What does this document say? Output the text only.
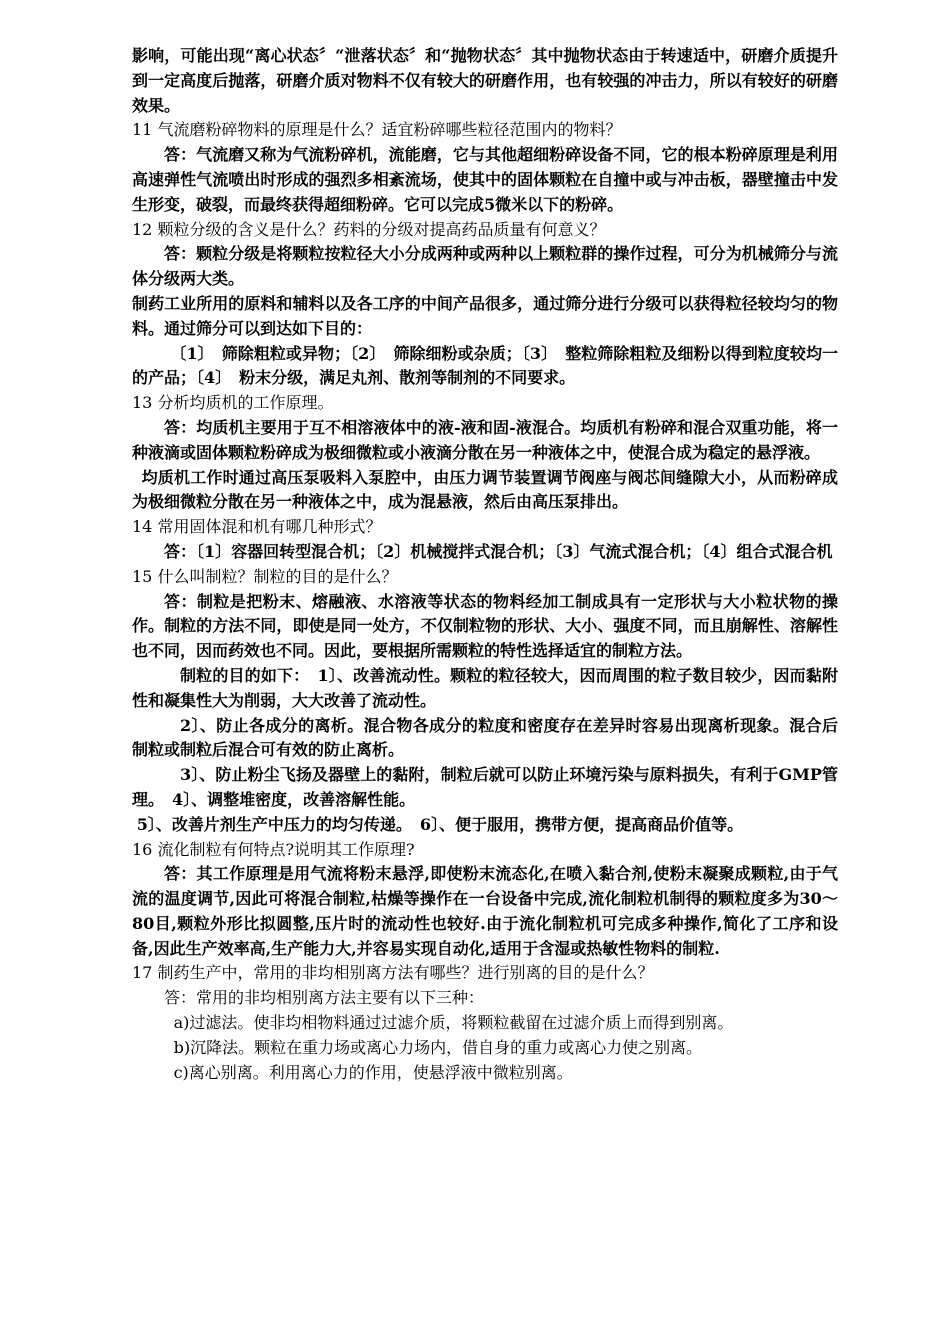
影响，可能出现“离心状态〞“泄落状态〞和“抛物状态〞其中抛物状态由于转速适中，研磨介质提升到一定高度后抛落，研磨介质对物料不仅有较大的研磨作用，也有较强的冲击力，所以有较好的研磨效果。

11 气流磨粉碎物料的原理是什么？适宜粉碎哪些粒径范围内的物料？

答：气流磨又称为气流粉碎机，流能磨，它与其他超细粉碎设备不同，它的根本粉碎原理是利用高速弹性气流喷出时形成的强烈多相紊流场，使其中的固体颗粒在自撞中或与冲击板，器壁撞击中发生形变，破裂，而最终获得超细粉碎。它可以完成5微米以下的粉碎。

12 颗粒分级的含义是什么？药料的分级对提高药品质量有何意义？

答：颗粒分级是将颗粒按粒径大小分成两种或两种以上颗粒群的操作过程，可分为机械筛分与流体分级两大类。

制药工业所用的原料和辅料以及各工序的中间产品很多，通过筛分进行分级可以获得粒径较均匀的物料。通过筛分可以到达如下目的：

〔1〕　筛除粗粒或异物；〔2〕　筛除细粉或杂质；〔3〕　整粒筛除粗粒及细粉以得到粒度较均一的产品；〔4〕　粉末分级，满足丸剂、散剂等制剂的不同要求。

13 分析均质机的工作原理。

答：均质机主要用于互不相溶液体中的液-液和固-液混合。均质机有粉碎和混合双重功能，将一种液滴或固体颗粒粉碎成为极细微粒或小液滴分散在另一种液体之中，使混合成为稳定的悬浮液。

均质机工作时通过高压泵吸料入泵腔中，由压力调节装置调节阀座与阀芯间缝隙大小，从而粉碎成为极细微粒分散在另一种液体之中，成为混悬液，然后由高压泵排出。

14 常用固体混和机有哪几种形式？

答：〔1〕容器回转型混合机；〔2〕机械搅拌式混合机；〔3〕气流式混合机；〔4〕组合式混合机

15 什么叫制粒？制粒的目的是什么？

答：制粒是把粉末、熔融液、水溶液等状态的物料经加工制成具有一定形状与大小粒状物的操作。制粒的方法不同，即使是同一处方，不仅制粒物的形状、大小、强度不同，而且崩解性、溶解性也不同，因而药效也不同。因此，要根据所需颗粒的特性选择适宜的制粒方法。

制粒的目的如下：　1〕、改善流动性。颗粒的粒径较大，因而周围的粒子数目较少，因而黏附性和凝集性大为削弱，大大改善了流动性。

2〕、防止各成分的离析。混合物各成分的粒度和密度存在差异时容易出现离析现象。混合后制粒或制粒后混合可有效的防止离析。

3〕、防止粉尘飞扬及器壁上的黏附，制粒后就可以防止环境污染与原料损失，有利于GMP管理。　4〕、调整堆密度，改善溶解性能。

5〕、改善片剂生产中压力的均匀传递。　6〕、便于服用，携带方便，提高商品价值等。

16 流化制粒有何特点?说明其工作原理?

答：其工作原理是用气流将粉末悬浮,即使粉末流态化,在喷入黏合剂,使粉末凝聚成颗粒,由于气流的温度调节,因此可将混合制粒,枯燥等操作在一台设备中完成,流化制粒机制得的颗粒度多为30～80目,颗粒外形比拟圆整,压片时的流动性也较好.由于流化制粒机可完成多种操作,简化了工序和设备,因此生产效率高,生产能力大,并容易实现自动化,适用于含湿或热敏性物料的制粒.

17 制药生产中，常用的非均相别离方法有哪些？进行别离的目的是什么？

答：常用的非均相别离方法主要有以下三种：

a)过滤法。使非均相物料通过过滤介质，将颗粒截留在过滤介质上而得到别离。

b)沉降法。颗粒在重力场或离心力场内，借自身的重力或离心力使之别离。

c)离心别离。利用离心力的作用，使悬浮液中微粒别离。
